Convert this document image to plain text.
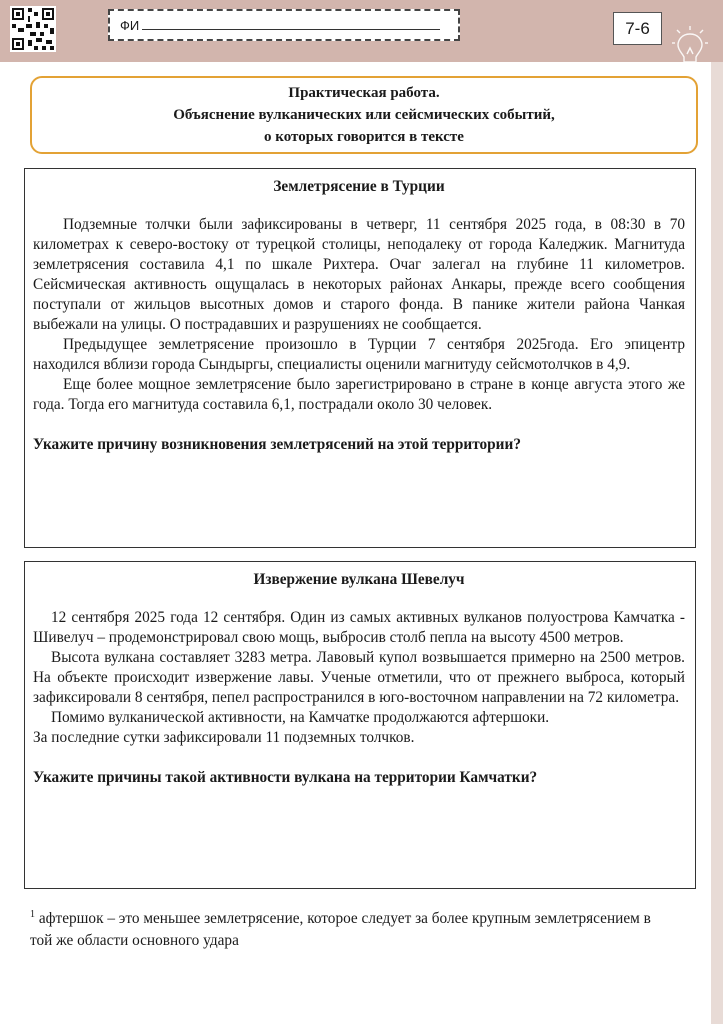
ФИ	7-6
Практическая работа.
Объяснение вулканических или сейсмических событий,
о которых говорится в тексте
Землетрясение в Турции

Подземные толчки были зафиксированы в четверг, 11 сентября 2025 года, в 08:30 в 70 километрах к северо-востоку от турецкой столицы, неподалеку от города Каледжик. Магнитуда землетрясения составила 4,1 по шкале Рихтера. Очаг залегал на глубине 11 километров. Сейсмическая активность ощущалась в некоторых районах Анкары, прежде всего сообщения поступали от жильцов высотных домов и старого фонда. В панике жители района Чанкая выбежали на улицы. О пострадавших и разрушениях не сообщается.

Предыдущее землетрясение произошло в Турции 7 сентября 2025года. Его эпицентр находился вблизи города Сындыргы, специалисты оценили магнитуду сейсмотолчков в 4,9.

Еще более мощное землетрясение было зарегистрировано в стране в конце августа этого же года. Тогда его магнитуда составила 6,1, пострадали около 30 человек.

Укажите причину возникновения землетрясений на этой территории?

Извержение вулкана Шевелуч

12 сентября 2025 года 12 сентября. Один из самых активных вулканов полуострова Камчатка - Шивелуч – продемонстрировал свою мощь, выбросив столб пепла на высоту 4500 метров.

Высота вулкана составляет 3283 метра. Лавовый купол возвышается примерно на 2500 метров. На объекте происходит извержение лавы. Ученые отметили, что от прежнего выброса, который зафиксировали 8 сентября, пепел распространился в юго-восточном направлении на 72 километра.

Помимо вулканической активности, на Камчатке продолжаются афтершоки.

За последние сутки зафиксировали 11 подземных толчков.

Укажите причины такой активности вулкана на территории Камчатки?

$^1$ афтершок – это меньшее землетрясение, которое следует за более крупным землетрясением в той же области основного удара
